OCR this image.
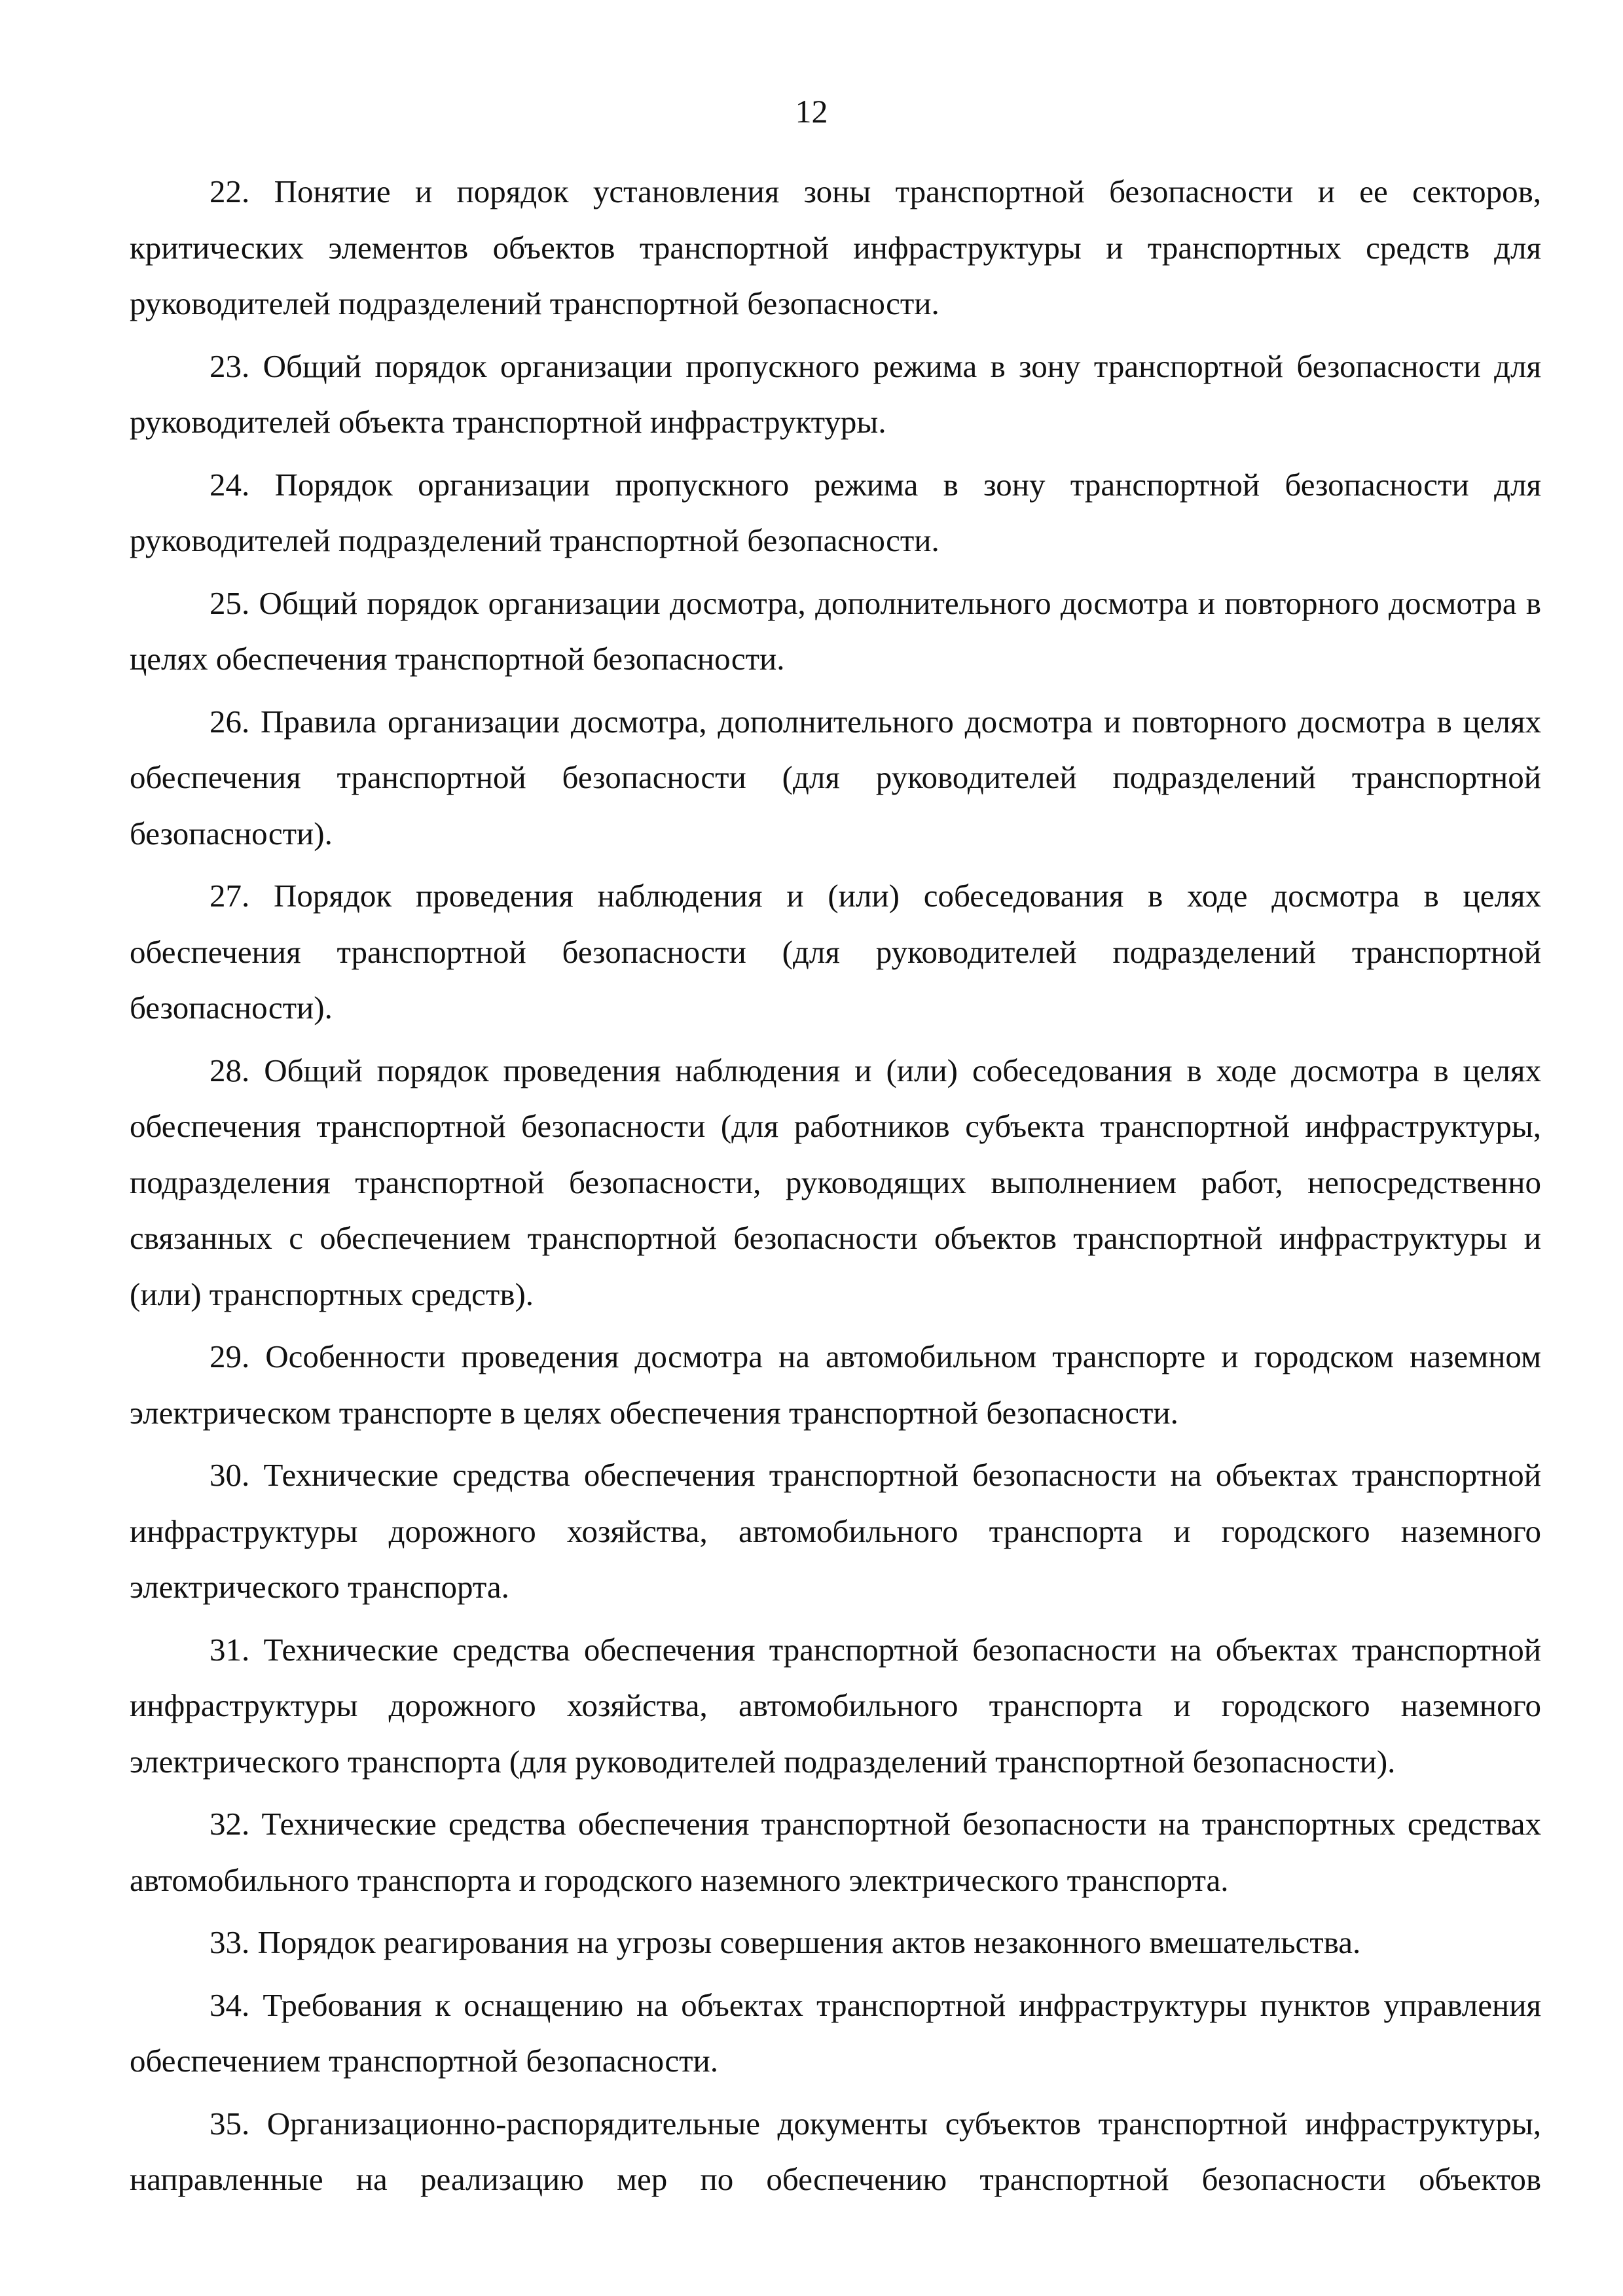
12

22. Понятие и порядок установления зоны транспортной безопасности и ее секторов, критических элементов объектов транспортной инфраструктуры и транспортных средств для руководителей подразделений транспортной безопасности.

23. Общий порядок организации пропускного режима в зону транспортной безопасности для руководителей объекта транспортной инфраструктуры.

24. Порядок организации пропускного режима в зону транспортной безопасности для руководителей подразделений транспортной безопасности.

25. Общий порядок организации досмотра, дополнительного досмотра и повторного досмотра в целях обеспечения транспортной безопасности.

26. Правила организации досмотра, дополнительного досмотра и повторного досмотра в целях обеспечения транспортной безопасности (для руководителей подразделений транспортной безопасности).

27. Порядок проведения наблюдения и (или) собеседования в ходе досмотра в целях обеспечения транспортной безопасности (для руководителей подразделений транспортной безопасности).

28. Общий порядок проведения наблюдения и (или) собеседования в ходе досмотра в целях обеспечения транспортной безопасности (для работников субъекта транспортной инфраструктуры, подразделения транспортной безопасности, руководящих выполнением работ, непосредственно связанных с обеспечением транспортной безопасности объектов транспортной инфраструктуры и (или) транспортных средств).

29. Особенности проведения досмотра на автомобильном транспорте и городском наземном электрическом транспорте в целях обеспечения транспортной безопасности.

30. Технические средства обеспечения транспортной безопасности на объектах транспортной инфраструктуры дорожного хозяйства, автомобильного транспорта и городского наземного электрического транспорта.

31. Технические средства обеспечения транспортной безопасности на объектах транспортной инфраструктуры дорожного хозяйства, автомобильного транспорта и городского наземного электрического транспорта (для руководителей подразделений транспортной безопасности).

32. Технические средства обеспечения транспортной безопасности на транспортных средствах автомобильного транспорта и городского наземного электрического транспорта.

33. Порядок реагирования на угрозы совершения актов незаконного вмешательства.

34. Требования к оснащению на объектах транспортной инфраструктуры пунктов управления обеспечением транспортной безопасности.

35. Организационно-распорядительные документы субъектов транспортной инфраструктуры, направленные на реализацию мер по обеспечению транспортной безопасности объектов
